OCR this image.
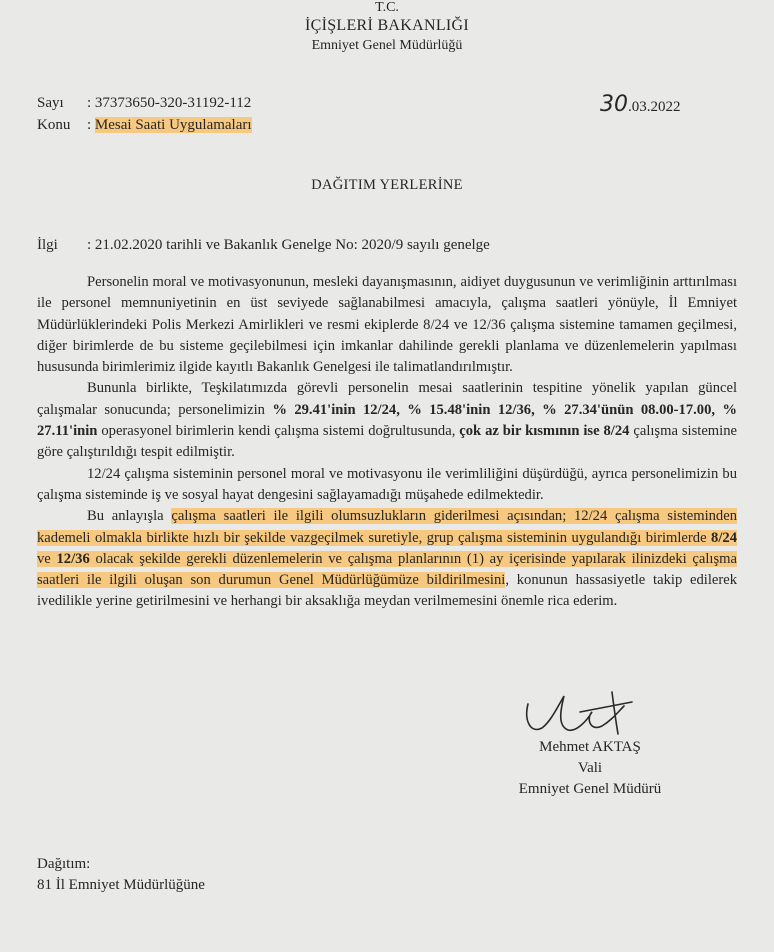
T.C.
İÇİŞLERİ BAKANLIĞI
Emniyet Genel Müdürlüğü
Sayı : 37373650-320-31192-112
Konu : Mesai Saati Uygulamaları
30.03.2022
DAĞITIM YERLERİNE
İlgi : 21.02.2020 tarihli ve Bakanlık Genelge No: 2020/9 sayılı genelge

Personelin moral ve motivasyonunun, mesleki dayanışmasının, aidiyet duygusunun ve verimliğinin arttırılması ile personel memnuniyetinin en üst seviyede sağlanabilmesi amacıyla, çalışma saatleri yönüyle, İl Emniyet Müdürlüklerindeki Polis Merkezi Amirlikleri ve resmi ekiplerde 8/24 ve 12/36 çalışma sistemine tamamen geçilmesi, diğer birimlerde de bu sisteme geçilebilmesi için imkanlar dahilinde gerekli planlama ve düzenlemelerin yapılması hususunda birimlerimiz ilgide kayıtlı Bakanlık Genelgesi ile talimatlandırılmıştır.

Bununla birlikte, Teşkilatımızda görevli personelin mesai saatlerinin tespitine yönelik yapılan güncel çalışmalar sonucunda; personelimizin % 29.41'inin 12/24, % 15.48'inin 12/36, % 27.34'ünün 08.00-17.00, % 27.11'inin operasyonel birimlerin kendi çalışma sistemi doğrultusunda, çok az bir kısmının ise 8/24 çalışma sistemine göre çalıştırıldığı tespit edilmiştir.

12/24 çalışma sisteminin personel moral ve motivasyonu ile verimliliğini düşürdüğü, ayrıca personelimizin bu çalışma sisteminde iş ve sosyal hayat dengesini sağlayamadığı müşahede edilmektedir.

Bu anlayışla çalışma saatleri ile ilgili olumsuzlukların giderilmesi açısından; 12/24 çalışma sisteminden kademeli olmakla birlikte hızlı bir şekilde vazgeçilmek suretiyle, grup çalışma sisteminin uygulandığı birimlerde 8/24 ve 12/36 olacak şekilde gerekli düzenlemelerin ve çalışma planlarının (1) ay içerisinde yapılarak ilinizdeki çalışma saatleri ile ilgili oluşan son durumun Genel Müdürlüğümüze bildirilmesini, konunun hassasiyetle takip edilerek ivedilikle yerine getirilmesini ve herhangi bir aksaklığa meydan verilmemesini önemle rica ederim.

Mehmet AKTAŞ
Vali
Emniyet Genel Müdürü
Dağıtım:
81 İl Emniyet Müdürlüğüne
